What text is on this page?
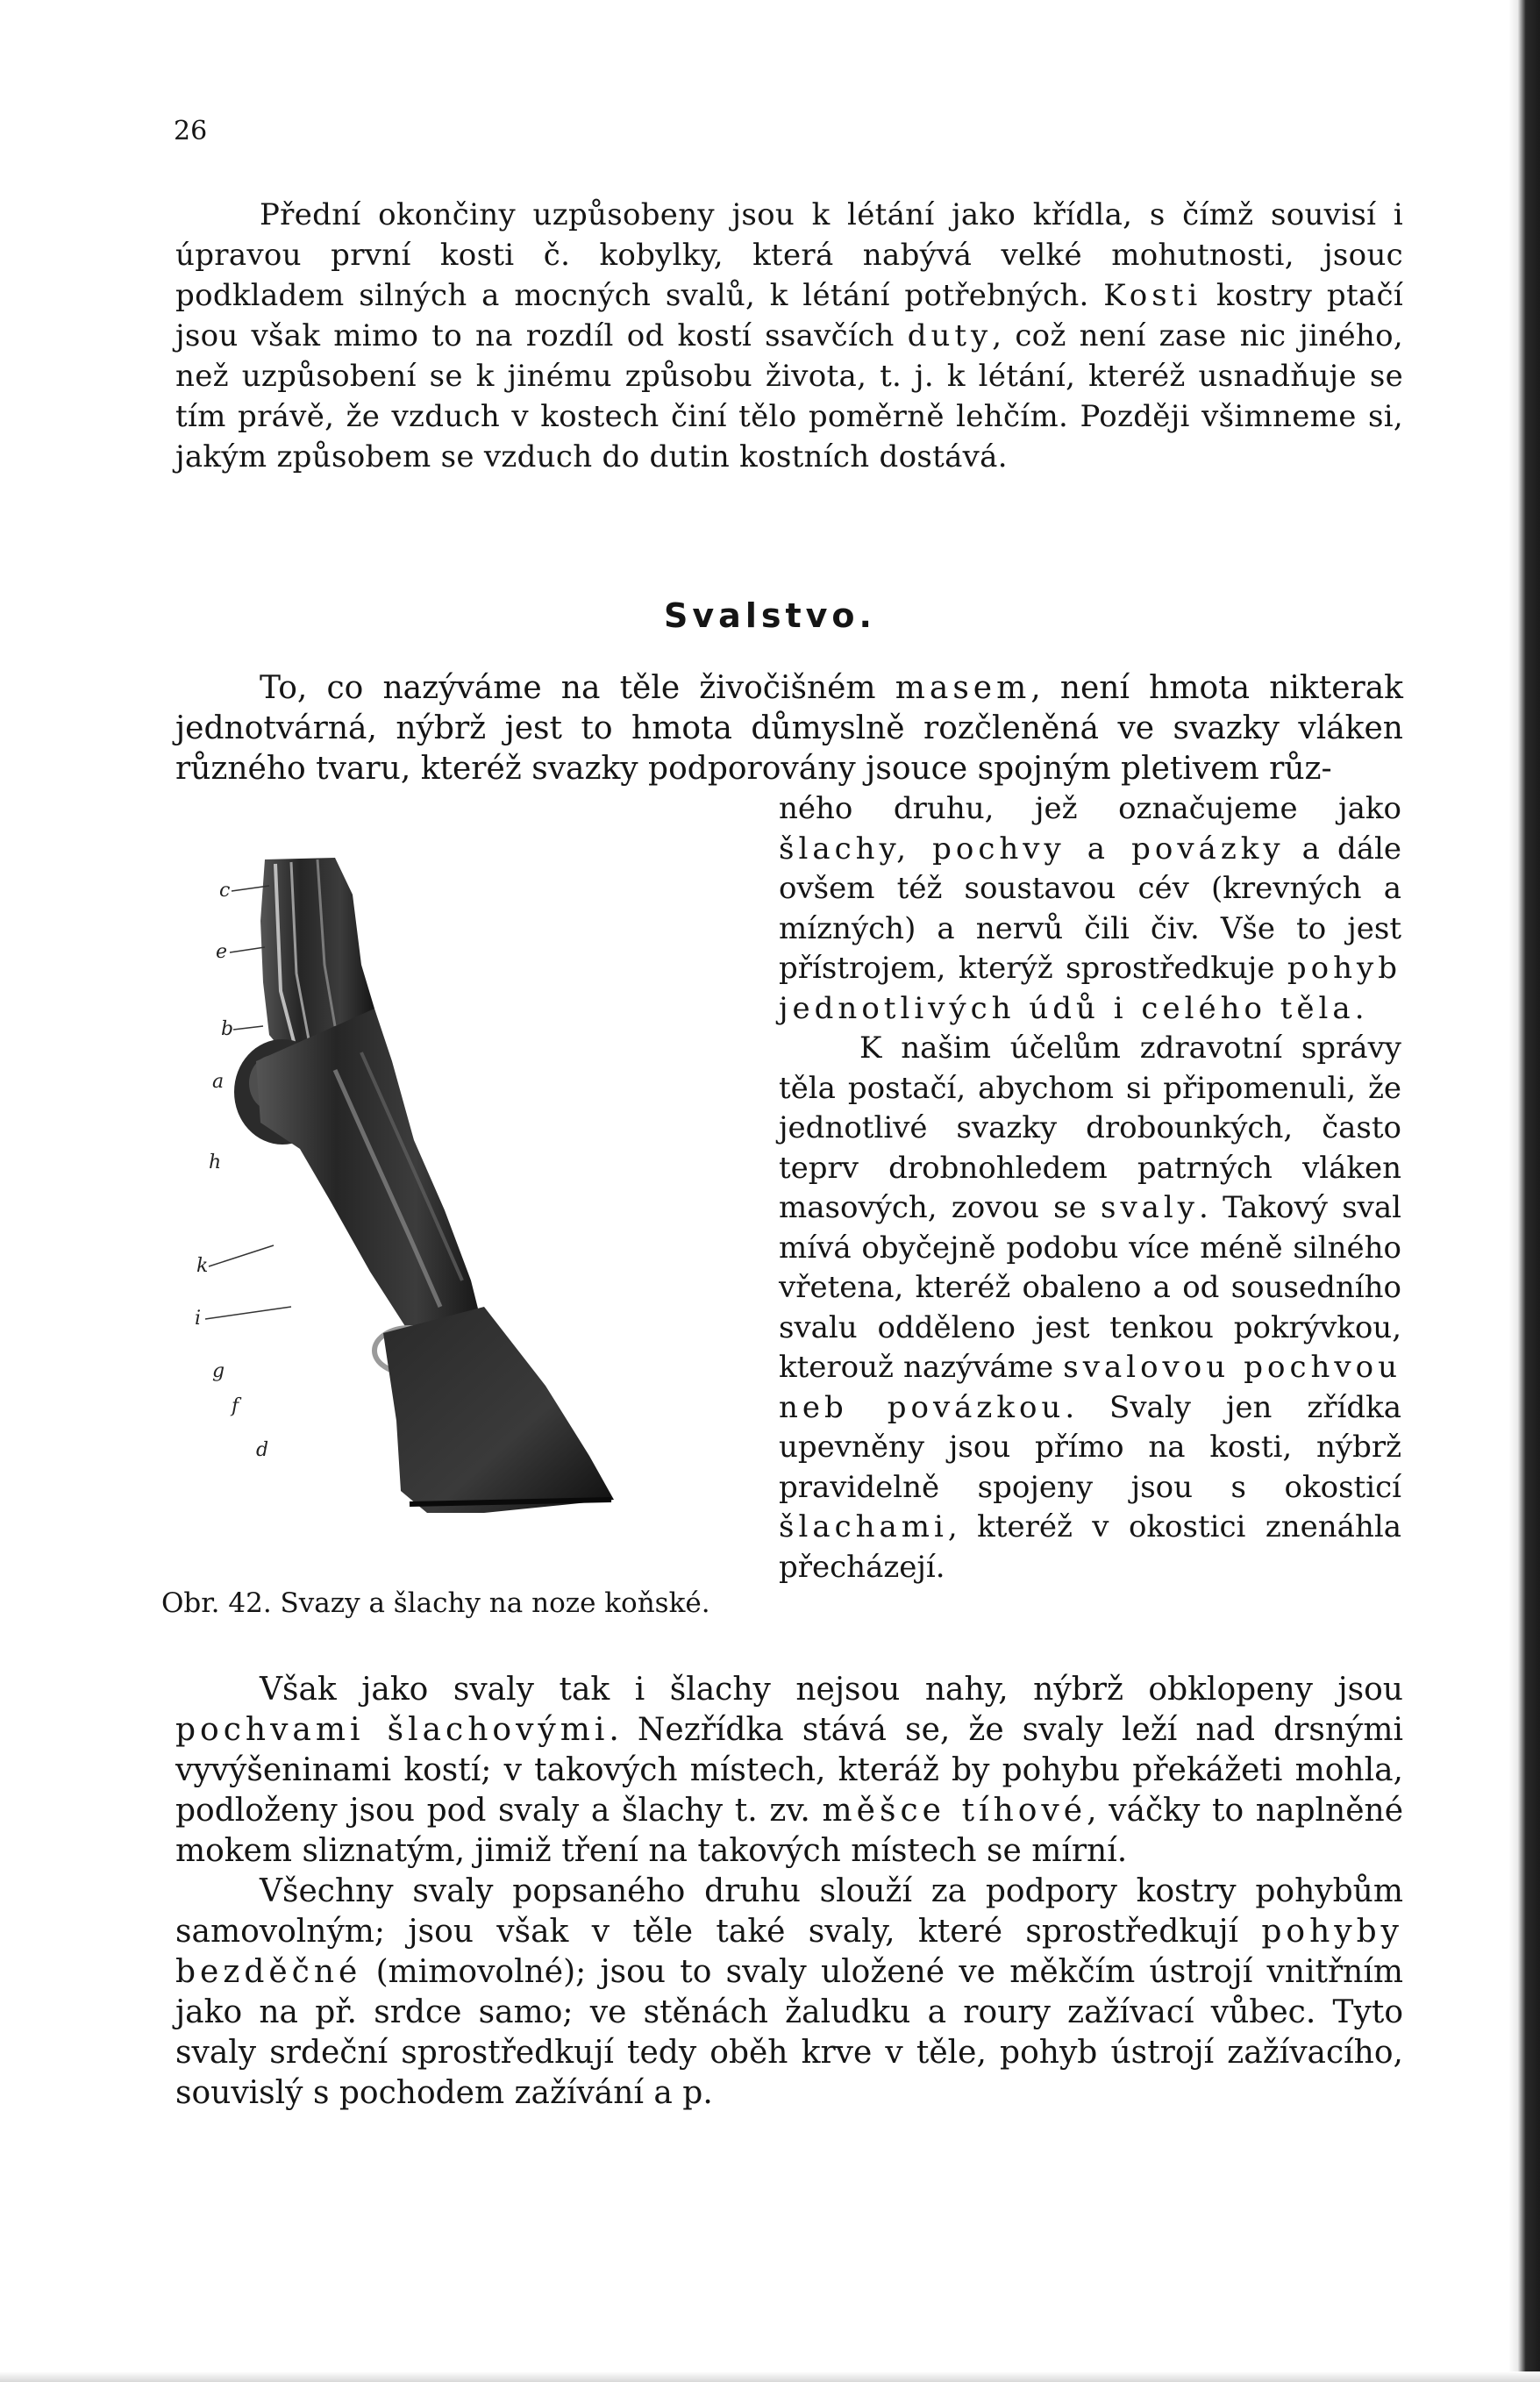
26

Přední okončiny uzpůsobeny jsou k létání jako křídla, s čímž souvisí i úpravou první kosti č. kobylky, která nabývá velké mohutnosti, jsouc podkladem silných a mocných svalů, k létání potřebných. Kosti kostry ptačí jsou však mimo to na rozdíl od kostí ssavčích duty, což není zase nic jiného, než uzpůsobení se k jinému způsobu života, t. j. k létání, kteréž usnadňuje se tím právě, že vzduch v kostech činí tělo poměrně lehčím. Později všimneme si, jakým způsobem se vzduch do dutin kostních dostává.

Svalstvo.

To, co nazýváme na těle živočišném masem, není hmota nikterak jednotvárná, nýbrž jest to hmota důmyslně rozčleněná ve svazky vláken různého tvaru, kteréž svazky podporovány jsouce spojným pletivem růz-

c
e
b
a
h
k
i
g
f
d
Obr. 42. Svazy a šlachy na noze koňské.

ného druhu, jež označujeme jako šlachy, pochvy a povázky a dále ovšem též soustavou cév (krevných a mízných) a nervů čili čiv. Vše to jest přístrojem, kterýž sprostředkuje pohyb jednotlivých údů i celého těla.
K našim účelům zdravotní správy těla postačí, abychom si připomenuli, že jednotlivé svazky drobounkých, často teprv drobnohledem patrných vláken masových, zovou se svaly. Takový sval mívá obyčejně podobu více méně silného vřetena, kteréž obaleno a od sousedního svalu odděleno jest tenkou pokrývkou, kterouž nazýváme svalovou pochvou neb povázkou. Svaly jen zřídka upevněny jsou přímo na kosti, nýbrž pravidelně spojeny jsou s okosticí šlachami, kteréž v okostici znenáhla přecházejí.

Však jako svaly tak i šlachy nejsou nahy, nýbrž obklopeny jsou pochvami šlachovými. Nezřídka stává se, že svaly leží nad drsnými vyvýšeninami kostí; v takových místech, kteráž by pohybu překážeti mohla, podloženy jsou pod svaly a šlachy t. zv. měšce tíhové, váčky to naplněné mokem sliznatým, jimiž tření na takových místech se mírní.
Všechny svaly popsaného druhu slouží za podpory kostry pohybům samovolným; jsou však v těle také svaly, které sprostředkují pohyby bezděčné (mimovolné); jsou to svaly uložené ve měkčím ústrojí vnitřním jako na př. srdce samo; ve stěnách žaludku a roury zažívací vůbec. Tyto svaly srdeční sprostředkují tedy oběh krve v těle, pohyb ústrojí zažívacího, souvislý s pochodem zažívání a p.
